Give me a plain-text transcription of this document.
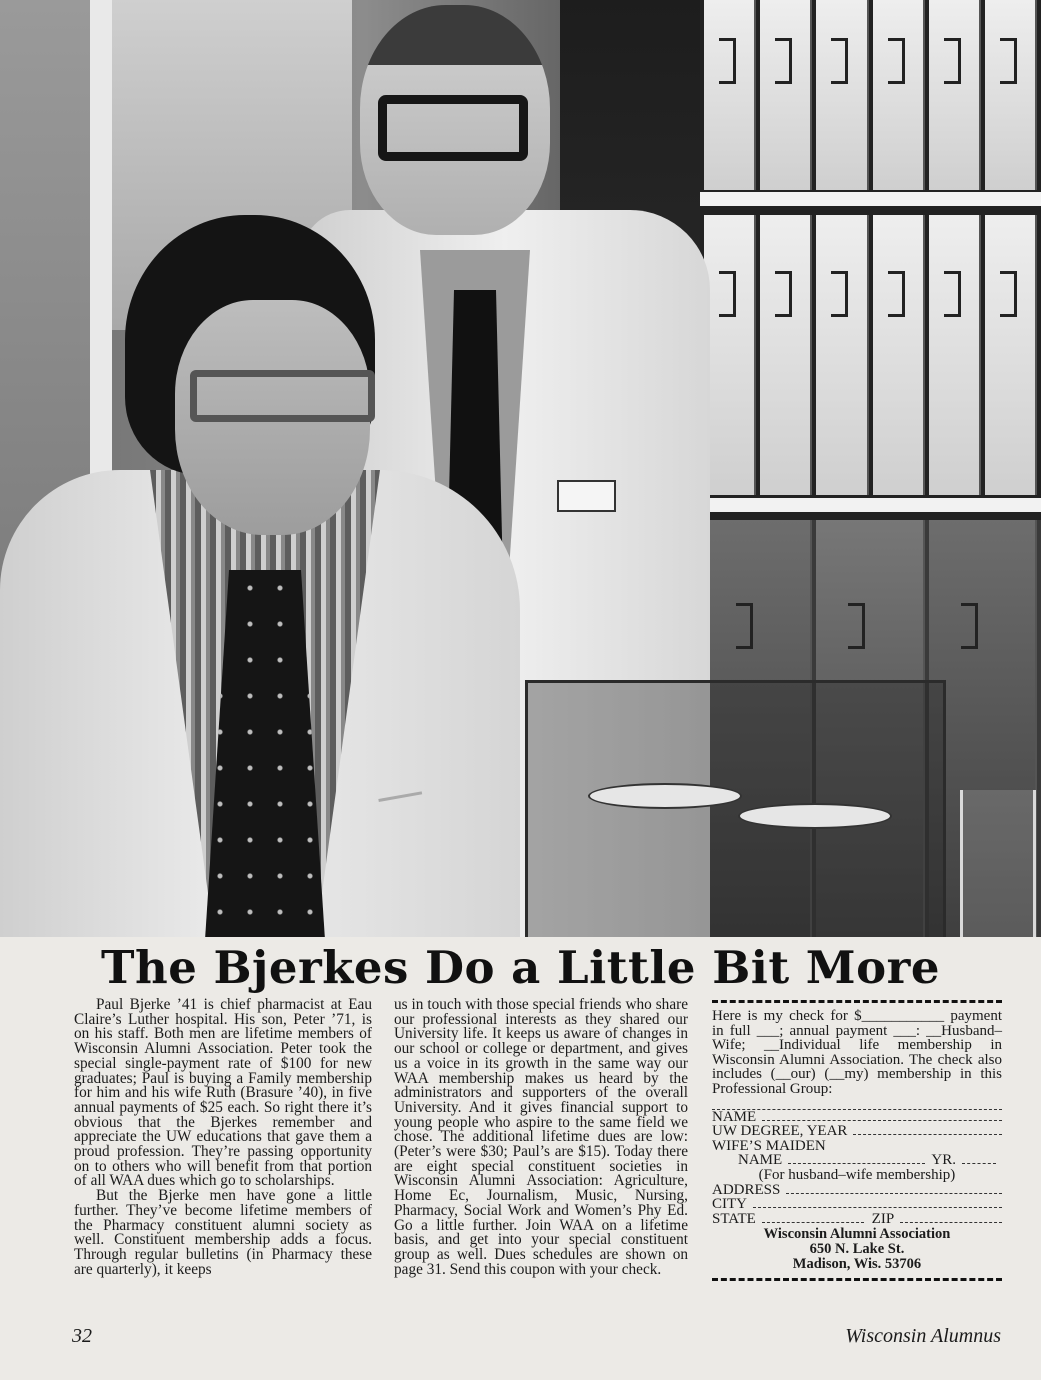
The Bjerkes Do a Little Bit More

Paul Bjerke ’41 is chief pharmacist at Eau Claire’s Luther hospital. His son, Peter ’71, is on his staff. Both men are lifetime members of Wisconsin Alumni Association. Peter took the special single-payment rate of $100 for new graduates; Paul is buying a Family membership for him and his wife Ruth (Brasure ’40), in five annual payments of $25 each. So right there it’s obvious that the Bjerkes remember and appreciate the UW educations that gave them a proud profession. They’re passing opportunity on to others who will benefit from that portion of all WAA dues which go to scholarships.

But the Bjerke men have gone a little further. They’ve become lifetime members of the Pharmacy constituent alumni society as well. Constituent membership adds a focus. Through regular bulletins (in Pharmacy these are quarterly), it keeps

us in touch with those special friends who share our professional interests as they shared our University life. It keeps us aware of changes in our school or college or department, and gives us a voice in its growth in the same way our WAA membership makes us heard by the administrators and supporters of the overall University. And it gives financial support to young people who aspire to the same field we chose. The additional lifetime dues are low: (Peter’s were $30; Paul’s are $15). Today there are eight special constituent societies in Wisconsin Alumni Association: Agriculture, Home Ec, Journalism, Music, Nursing, Pharmacy, Social Work and Women’s Phy Ed. Go a little further. Join WAA on a lifetime basis, and get into your special constituent group as well. Dues schedules are shown on page 31. Send this coupon with your check.

Here is my check for $___________ payment in full ___; annual payment ___: __Husband–Wife; __Individual life membership in Wisconsin Alumni Association. The check also includes (__our) (__my) membership in this Professional Group:
NAME
UW DEGREE, YEAR
WIFE’S MAIDEN
NAME	YR.
(For husband–wife membership)
ADDRESS
CITY
STATE	ZIP
Wisconsin Alumni Association
650 N. Lake St.
Madison, Wis. 53706
32	Wisconsin Alumnus
